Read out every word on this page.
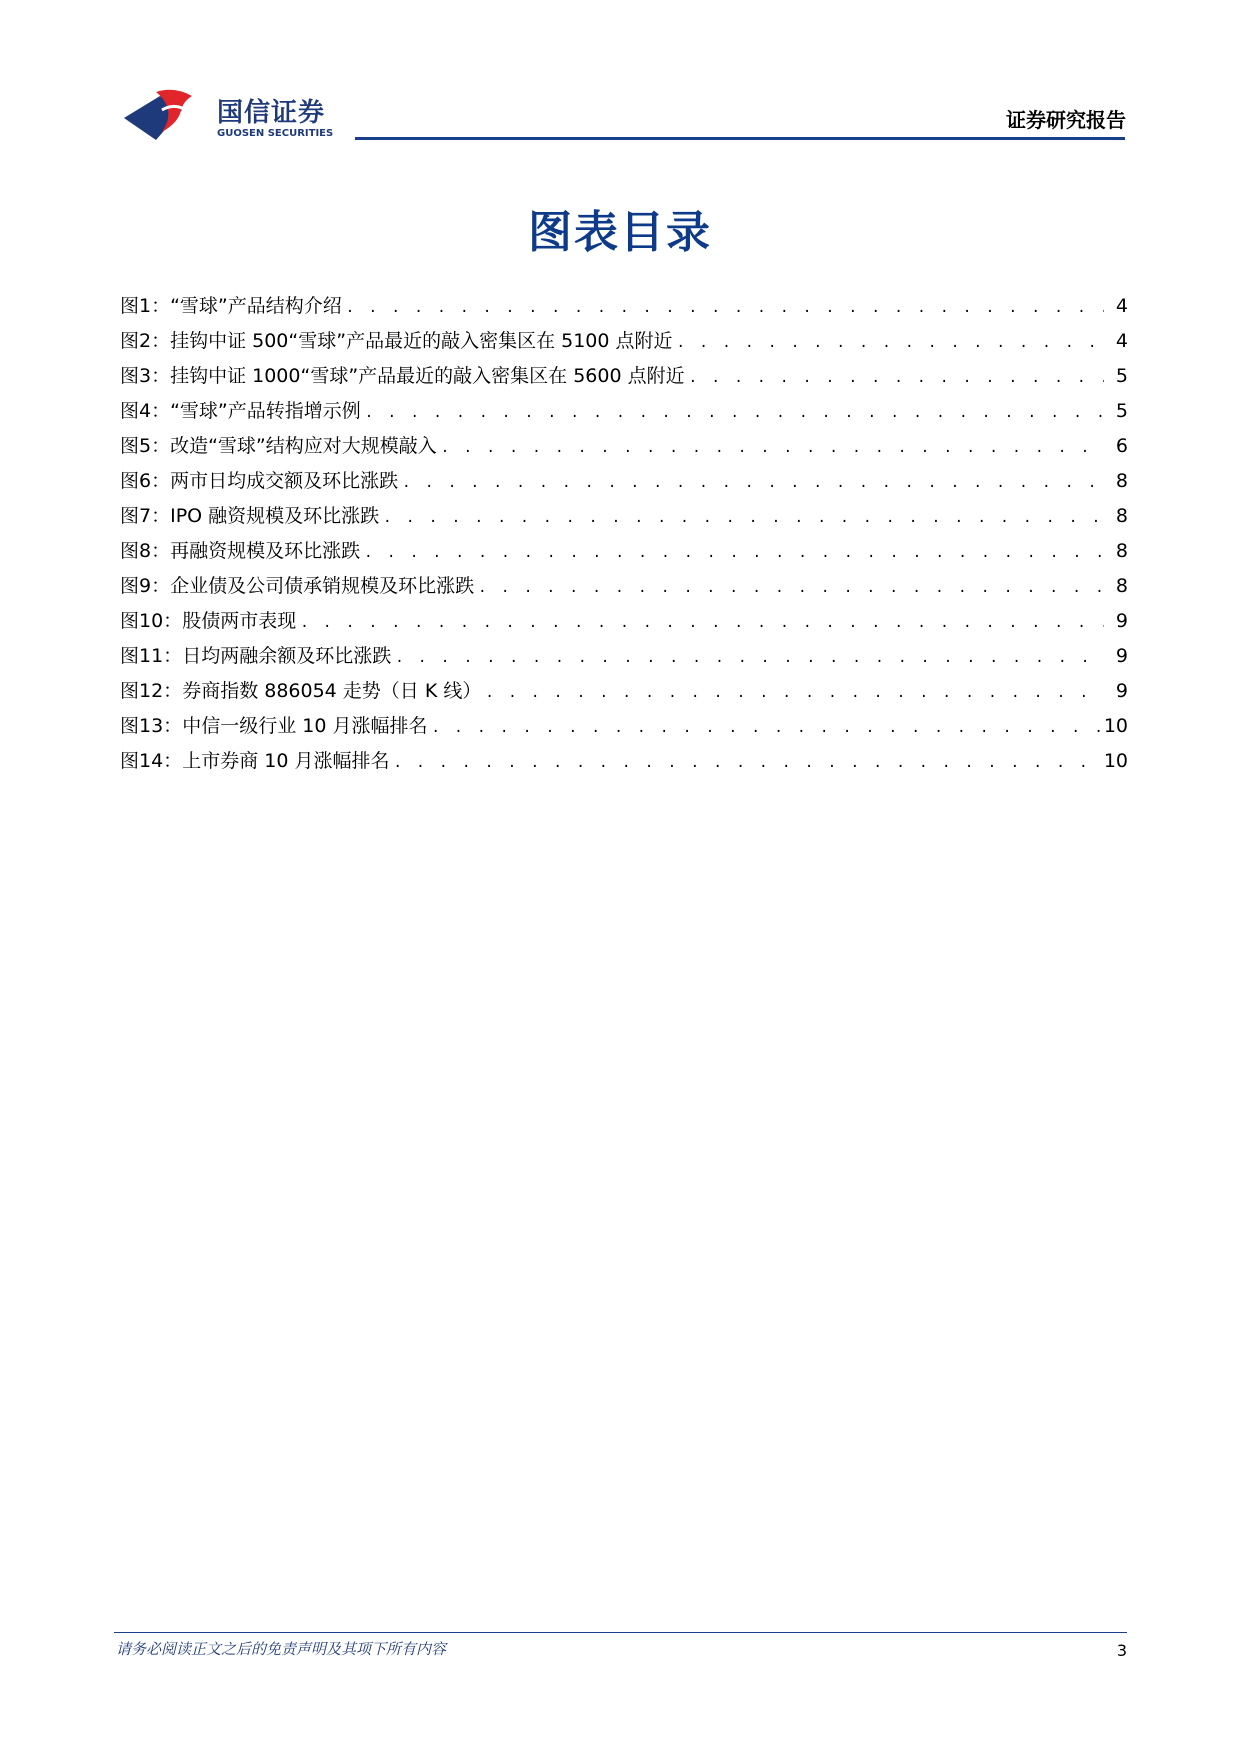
国信证券
GUOSEN SECURITIES
证券研究报告
图表目录
图1： “雪球”产品结构介绍 . . .	4
图2： 挂钩中证 500“雪球”产品最近的敲入密集区在 5100 点附近 . . .	4
图3： 挂钩中证 1000“雪球”产品最近的敲入密集区在 5600 点附近 . . .	5
图4： “雪球”产品转指增示例 . . .	5
图5： 改造“雪球”结构应对大规模敲入 . . .	6
图6： 两市日均成交额及环比涨跌 . . .	8
图7： IPO 融资规模及环比涨跌 . . .	8
图8： 再融资规模及环比涨跌 . . .	8
图9： 企业债及公司债承销规模及环比涨跌 . . .	8
图10： 股债两市表现 . . .	9
图11： 日均两融余额及环比涨跌 . . .	9
图12： 券商指数 886054 走势（日 K 线） . . .	9
图13： 中信一级行业 10 月涨幅排名 . . .	10
图14： 上市券商 10 月涨幅排名 . . .	10
请务必阅读正文之后的免责声明及其项下所有内容	3
